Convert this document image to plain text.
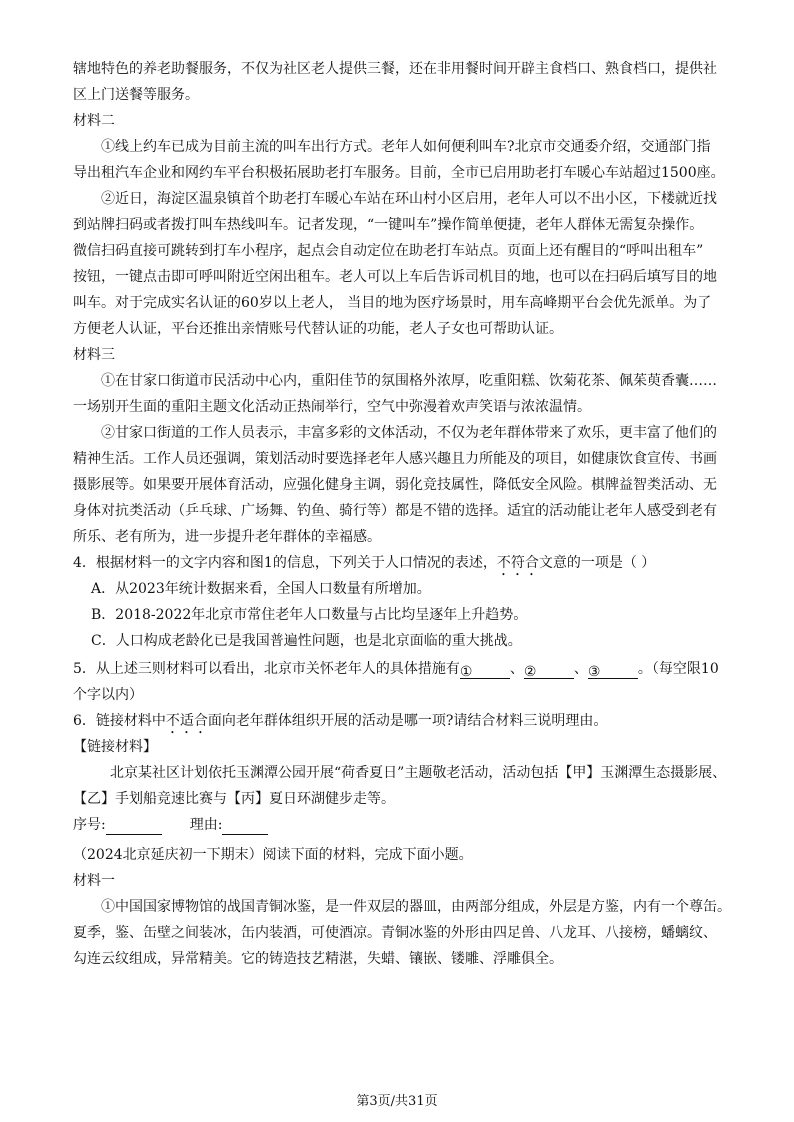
辖地特色的养老助餐服务，不仅为社区老人提供三餐，还在非用餐时间开辟主食档口、熟食档口，提供社
区上门送餐等服务。
材料二
①线上约车已成为目前主流的叫车出行方式。老年人如何便利叫车?北京市交通委介绍，交通部门指
导出租汽车企业和网约车平台积极拓展助老打车服务。目前，全市已启用助老打车暖心车站超过1500座。
②近日，海淀区温泉镇首个助老打车暖心车站在环山村小区启用，老年人可以不出小区，下楼就近找
到站牌扫码或者拨打叫车热线叫车。记者发现，“一键叫车”操作简单便捷，老年人群体无需复杂操作。
微信扫码直接可跳转到打车小程序，起点会自动定位在助老打车站点。页面上还有醒目的“呼叫出租车”
按钮，一键点击即可呼叫附近空闲出租车。老人可以上车后告诉司机目的地，也可以在扫码后填写目的地
叫车。对于完成实名认证的60岁以上老人， 当目的地为医疗场景时，用车高峰期平台会优先派单。为了
方便老人认证，平台还推出亲情账号代替认证的功能，老人子女也可帮助认证。
材料三
①在甘家口街道市民活动中心内，重阳佳节的氛围格外浓厚，吃重阳糕、饮菊花茶、佩茱萸香囊……
一场别开生面的重阳主题文化活动正热闹举行，空气中弥漫着欢声笑语与浓浓温情。
②甘家口街道的工作人员表示，丰富多彩的文体活动，不仅为老年群体带来了欢乐，更丰富了他们的
精神生活。工作人员还强调，策划活动时要选择老年人感兴趣且力所能及的项目，如健康饮食宣传、书画
摄影展等。如果要开展体育活动，应强化健身主调，弱化竞技属性，降低安全风险。棋牌益智类活动、无
身体对抗类活动（乒乓球、广场舞、钓鱼、骑行等）都是不错的选择。适宜的活动能让老年人感受到老有
所乐、老有所为，进一步提升老年群体的幸福感。
4．根据材料一的文字内容和图1的信息，下列关于人口情况的表述，不符合文意的一项是（ ）
A．从2023年统计数据来看，全国人口数量有所增加。
B．2018-2022年北京市常住老年人口数量与占比均呈逐年上升趋势。
C．人口构成老龄化已是我国普遍性问题，也是北京面临的重大挑战。
5．从上述三则材料可以看出，北京市关怀老年人的具体措施有①	、②	、③	。（每空限10
个字以内）
6．链接材料中不适合面向老年群体组织开展的活动是哪一项?请结合材料三说明理由。
【链接材料】
北京某社区计划依托玉渊潭公园开展“荷香夏日”主题敬老活动，活动包括【甲】玉渊潭生态摄影展、
【乙】手划船竞速比赛与【丙】夏日环湖健步走等。
序号:	理由:
（2024北京延庆初一下期末）阅读下面的材料，完成下面小题。
材料一
①中国国家博物馆的战国青铜冰鉴，是一件双层的器皿，由两部分组成，外层是方鉴，内有一个尊缶。
夏季，鉴、缶壁之间装冰，缶内装酒，可使酒凉。青铜冰鉴的外形由四足兽、八龙耳、八接榜，蟠螭纹、
勾连云纹组成，异常精美。它的铸造技艺精湛，失蜡、镶嵌、镂雕、浮雕俱全。
第3页/共31页
